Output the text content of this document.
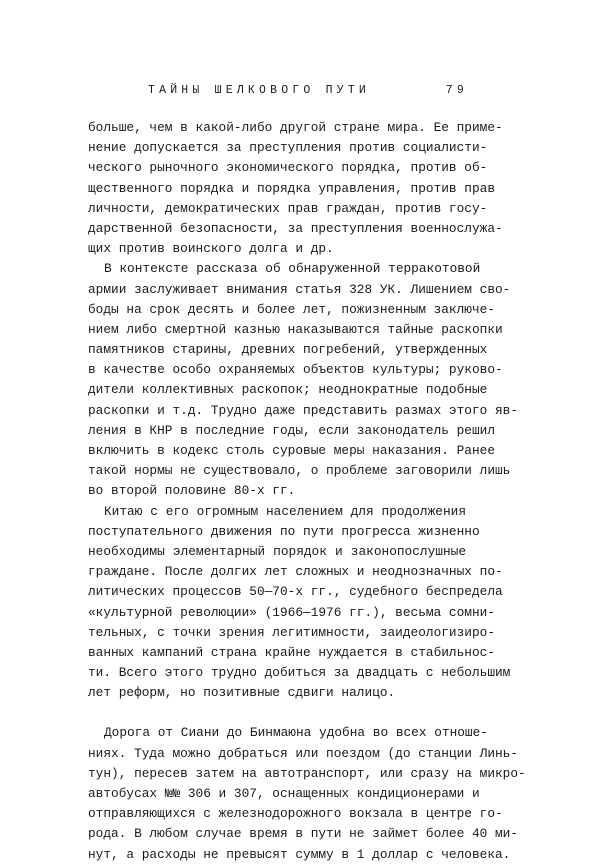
ТАЙНЫ ШЕЛКОВОГО ПУТИ	79
больше, чем в какой-либо другой стране мира. Ее приме-
нение допускается за преступления против социалисти-
ческого рыночного экономического порядка, против об-
щественного порядка и порядка управления, против прав
личности, демократических прав граждан, против госу-
дарственной безопасности, за преступления военнослужа-
щих против воинского долга и др.
В контексте рассказа об обнаруженной терракотовой
армии заслуживает внимания статья 328 УК. Лишением сво-
боды на срок десять и более лет, пожизненным заключе-
нием либо смертной казнью наказываются тайные раскопки
памятников старины, древних погребений, утвержденных
в качестве особо охраняемых объектов культуры; руково-
дители коллективных раскопок; неоднократные подобные
раскопки и т.д. Трудно даже представить размах этого яв-
ления в КНР в последние годы, если законодатель решил
включить в кодекс столь суровые меры наказания. Ранее
такой нормы не существовало, о проблеме заговорили лишь
во второй половине 80-х гг.
Китаю с его огромным населением для продолжения
поступательного движения по пути прогресса жизненно
необходимы элементарный порядок и законопослушные
граждане. После долгих лет сложных и неоднозначных по-
литических процессов 50—70-х гг., судебного беспредела
«культурной революции» (1966—1976 гг.), весьма сомни-
тельных, с точки зрения легитимности, заидеологизиро-
ванных кампаний страна крайне нуждается в стабильнос-
ти. Всего этого трудно добиться за двадцать с небольшим
лет реформ, но позитивные сдвиги налицо.
Дорога от Сиани до Бинмаюна удобна во всех отноше-
ниях. Туда можно добраться или поездом (до станции Линь-
тун), пересев затем на автотранспорт, или сразу на микро-
автобусах №№ 306 и 307, оснащенных кондиционерами и
отправляющихся с железнодорожного вокзала в центре го-
рода. В любом случае время в пути не займет более 40 ми-
нут, а расходы не превысят сумму в 1 доллар с человека.
